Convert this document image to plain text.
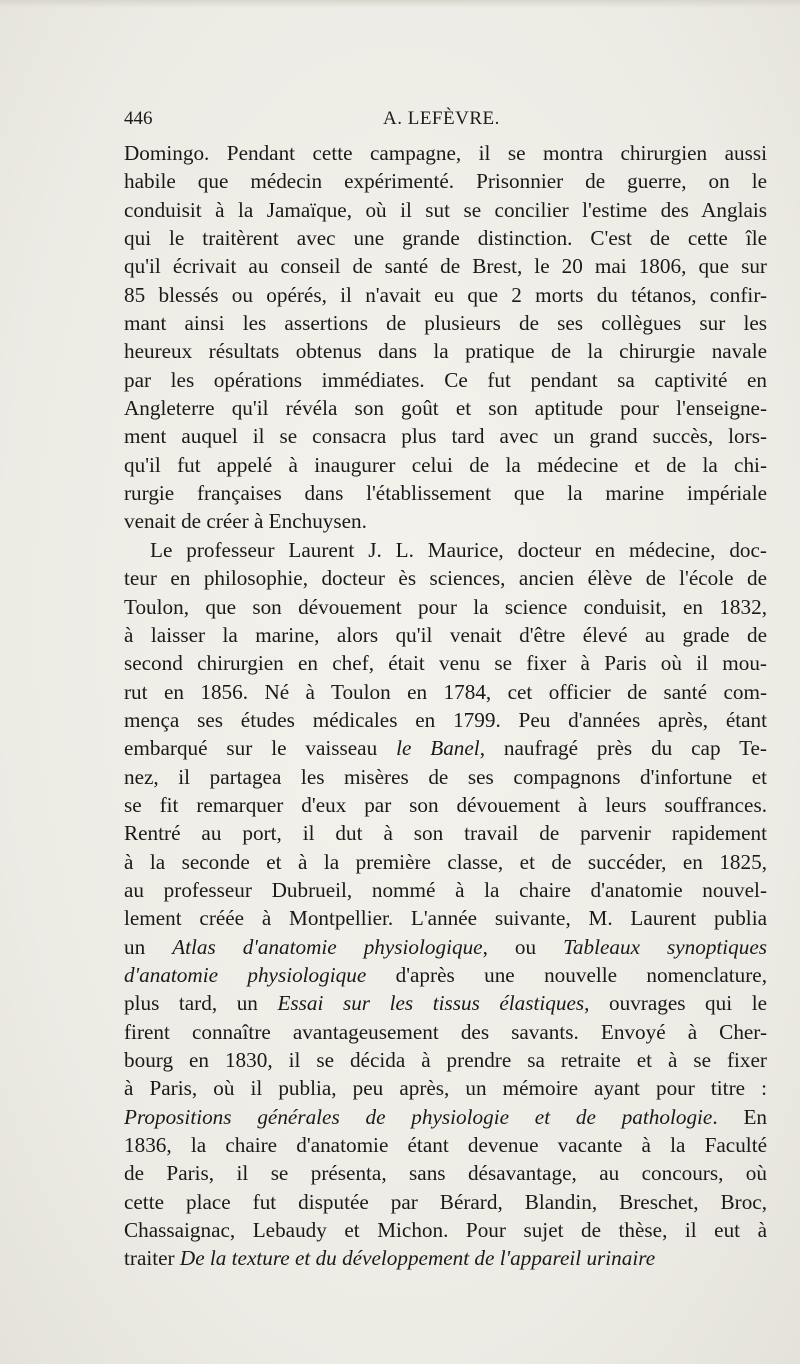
446	A. LEFÈVRE.
Domingo. Pendant cette campagne, il se montra chirurgien aussi
habile que médecin expérimenté. Prisonnier de guerre, on le
conduisit à la Jamaïque, où il sut se concilier l'estime des Anglais
qui le traitèrent avec une grande distinction. C'est de cette île
qu'il écrivait au conseil de santé de Brest, le 20 mai 1806, que sur
85 blessés ou opérés, il n'avait eu que 2 morts du tétanos, confir-
mant ainsi les assertions de plusieurs de ses collègues sur les
heureux résultats obtenus dans la pratique de la chirurgie navale
par les opérations immédiates. Ce fut pendant sa captivité en
Angleterre qu'il révéla son goût et son aptitude pour l'enseigne-
ment auquel il se consacra plus tard avec un grand succès, lors-
qu'il fut appelé à inaugurer celui de la médecine et de la chi-
rurgie françaises dans l'établissement que la marine impériale
venait de créer à Enchuysen.
Le professeur Laurent J. L. Maurice, docteur en médecine, doc-
teur en philosophie, docteur ès sciences, ancien élève de l'école de
Toulon, que son dévouement pour la science conduisit, en 1832,
à laisser la marine, alors qu'il venait d'être élevé au grade de
second chirurgien en chef, était venu se fixer à Paris où il mou-
rut en 1856. Né à Toulon en 1784, cet officier de santé com-
mença ses études médicales en 1799. Peu d'années après, étant
embarqué sur le vaisseau le Banel, naufragé près du cap Te-
nez, il partagea les misères de ses compagnons d'infortune et
se fit remarquer d'eux par son dévouement à leurs souffrances.
Rentré au port, il dut à son travail de parvenir rapidement
à la seconde et à la première classe, et de succéder, en 1825,
au professeur Dubrueil, nommé à la chaire d'anatomie nouvel-
lement créée à Montpellier. L'année suivante, M. Laurent publia
un Atlas d'anatomie physiologique, ou Tableaux synoptiques
d'anatomie physiologique d'après une nouvelle nomenclature,
plus tard, un Essai sur les tissus élastiques, ouvrages qui le
firent connaître avantageusement des savants. Envoyé à Cher-
bourg en 1830, il se décida à prendre sa retraite et à se fixer
à Paris, où il publia, peu après, un mémoire ayant pour titre :
Propositions générales de physiologie et de pathologie. En
1836, la chaire d'anatomie étant devenue vacante à la Faculté
de Paris, il se présenta, sans désavantage, au concours, où
cette place fut disputée par Bérard, Blandin, Breschet, Broc,
Chassaignac, Lebaudy et Michon. Pour sujet de thèse, il eut à
traiter De la texture et du développement de l'appareil urinaire
